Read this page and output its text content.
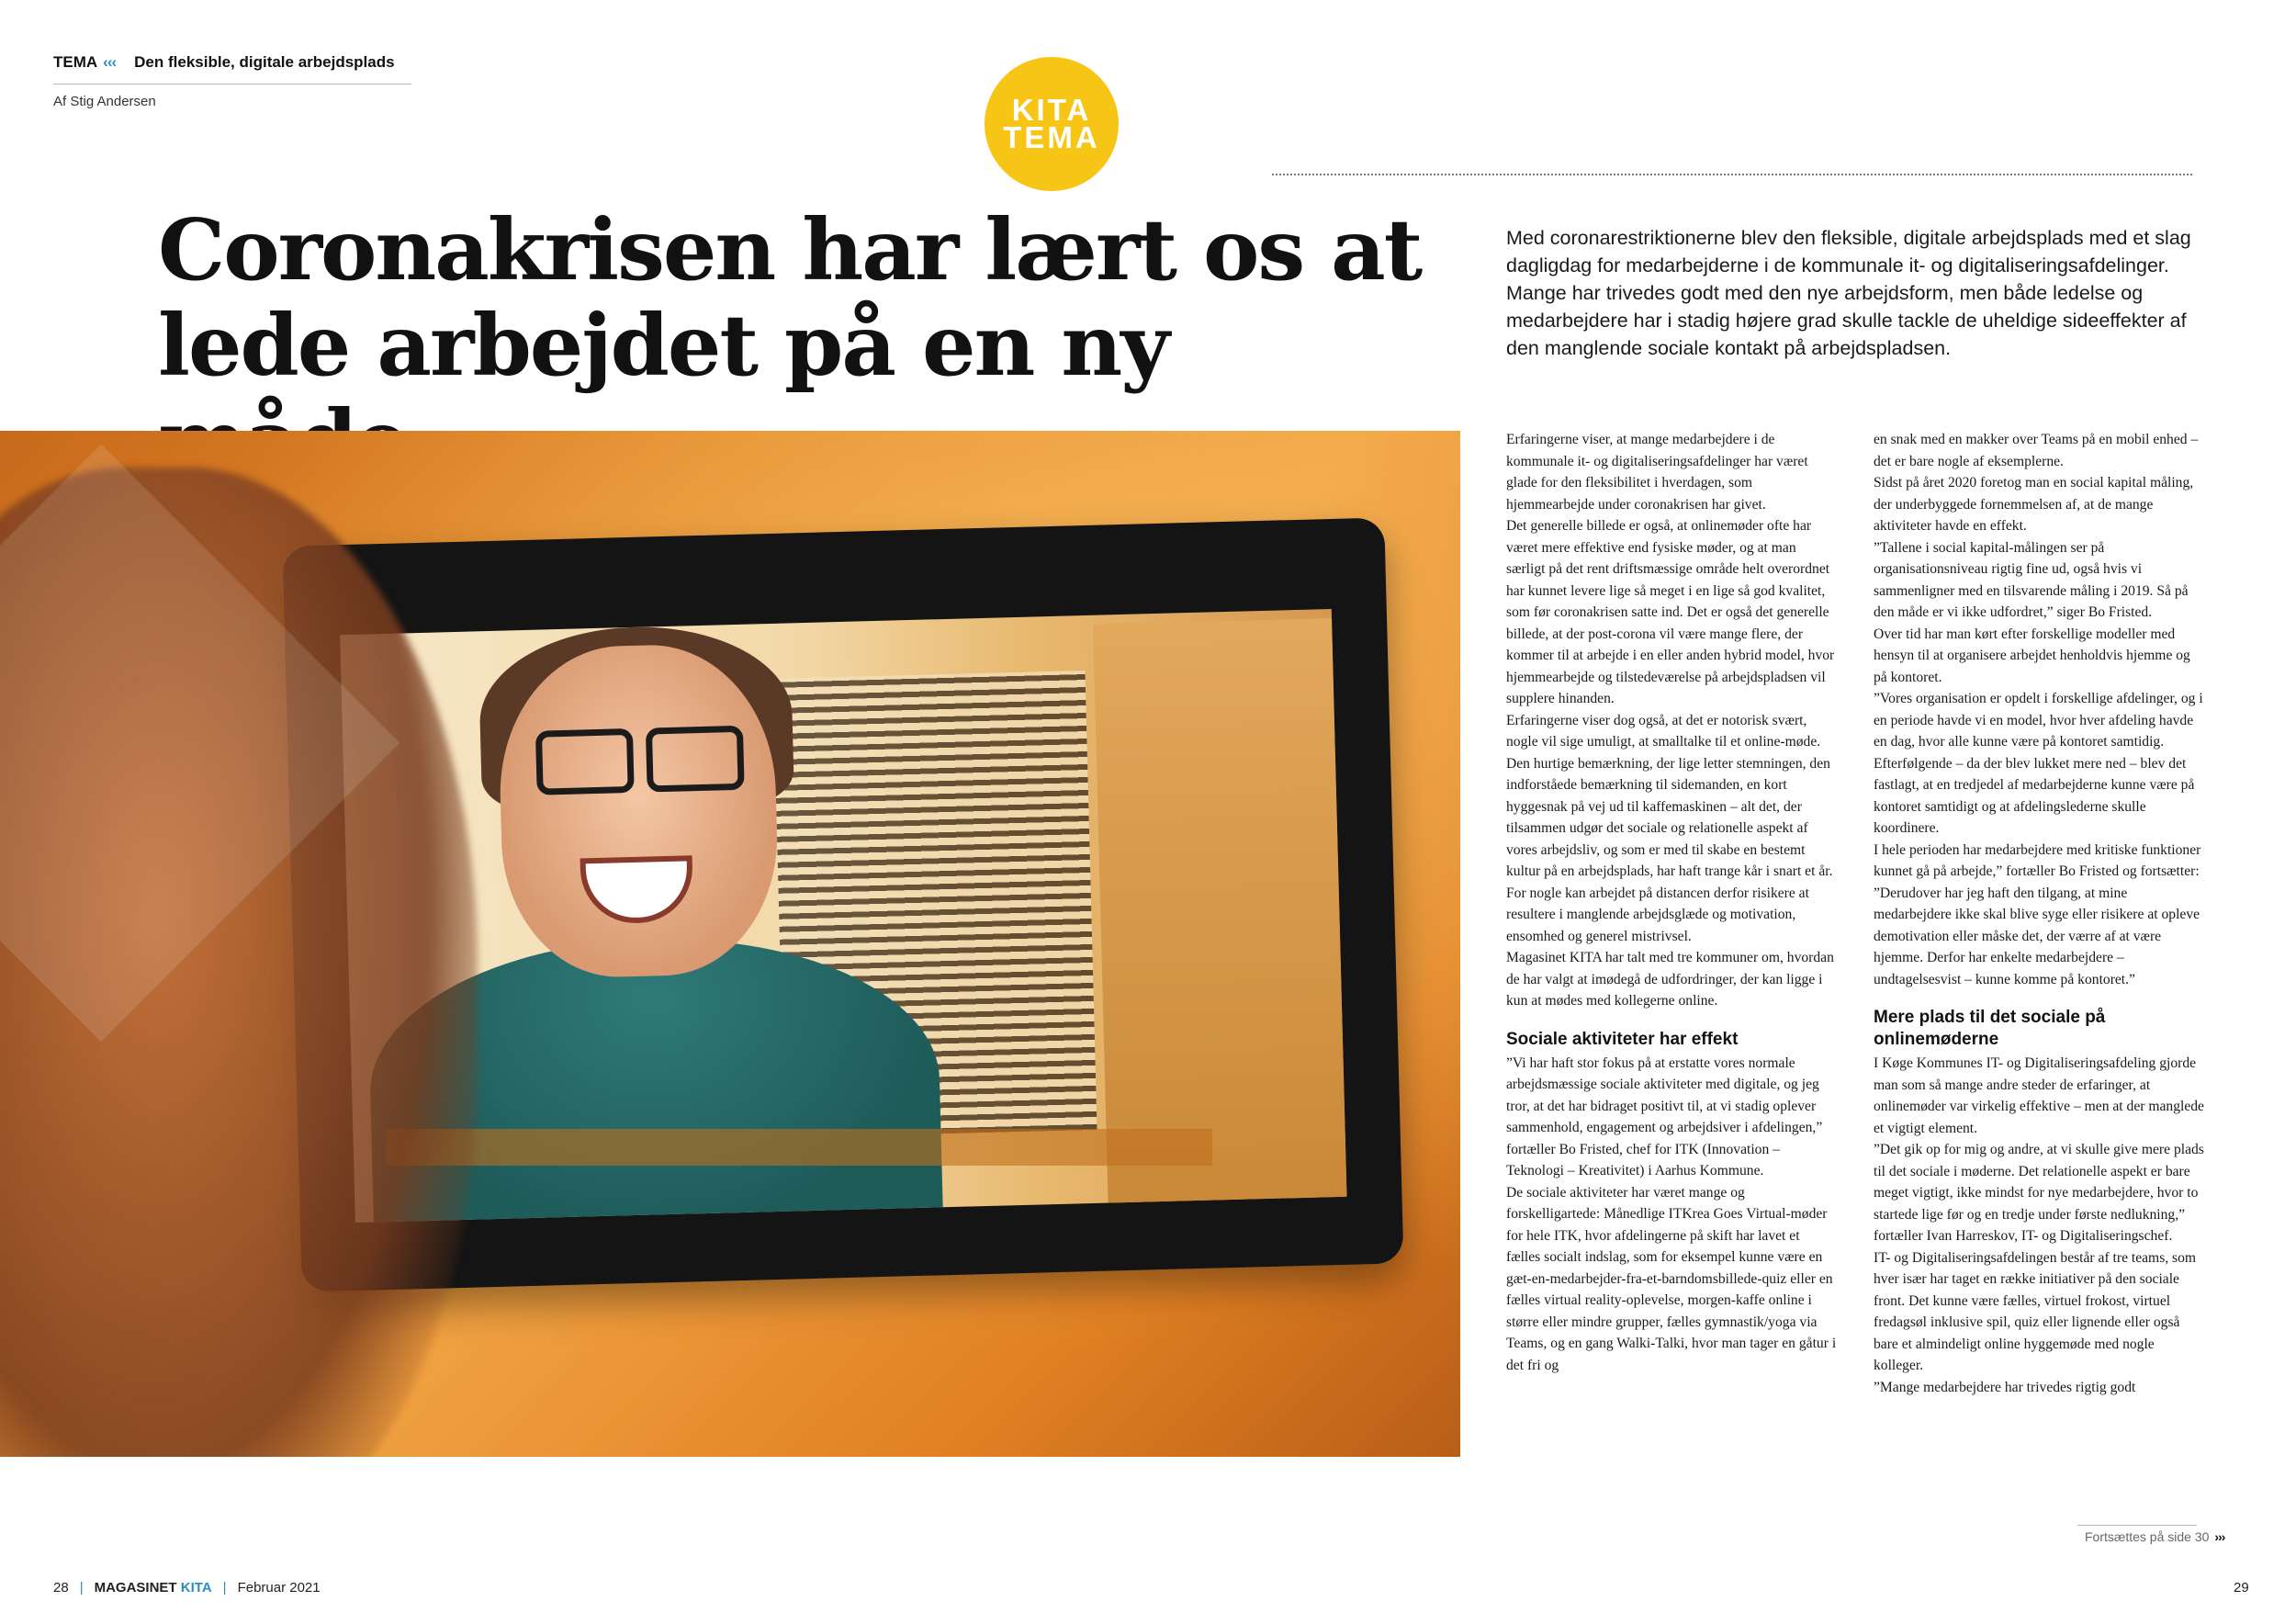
TEMA ‹‹‹ Den fleksible, digitale arbejdsplads
Af Stig Andersen	KITA
TEMA
Coronakrisen har lært os at lede arbejdet på en ny

Med coronarestriktionerne blev den fleksible, digitale arbejdsplads med et slag dagligdag for medarbejderne i de kommunale it- og digitaliseringsafdelinger. Mange har trivedes godt med den nye arbejdsform, men både ledelse og medarbejdere har i stadig højere grad skulle tackle de uheldige sideeffekter af den manglende sociale kontakt på arbejdspladsen.

Erfaringerne viser, at mange medarbejdere i de kommunale it- og digitaliseringsafdelinger har været glade for den fleksibilitet i hverdagen, som hjemmearbejde under coronakrisen har givet.

Det generelle billede er også, at onlinemøder ofte har været mere effektive end fysiske møder, og at man særligt på det rent driftsmæssige område helt overordnet har kunnet levere lige så meget i en lige så god kvalitet, som før coronakrisen satte ind. Det er også det generelle billede, at der post-corona vil være mange flere, der kommer til at arbejde i en eller anden hybrid model, hvor hjemmearbejde og tilstedeværelse på arbejdspladsen vil supplere hinanden.

Erfaringerne viser dog også, at det er notorisk svært, nogle vil sige umuligt, at smalltalke til et online-møde. Den hurtige bemærkning, der lige letter stemningen, den indforståede bemærkning til sidemanden, en kort hyggesnak på vej ud til kaffemaskinen – alt det, der tilsammen udgør det sociale og relationelle aspekt af vores arbejdsliv, og som er med til skabe en bestemt kultur på en arbejdsplads, har haft trange kår i snart et år.

For nogle kan arbejdet på distancen derfor risikere at resultere i manglende arbejdsglæde og motivation, ensomhed og generel mistrivsel.

Magasinet KITA har talt med tre kommuner om, hvordan de har valgt at imødegå de udfordringer, der kan ligge i kun at mødes med kollegerne online.

Sociale aktiviteter har effekt

”Vi har haft stor fokus på at erstatte vores normale arbejdsmæssige sociale aktiviteter med digitale, og jeg tror, at det har bidraget positivt til, at vi stadig oplever sammenhold, engagement og arbejdsiver i afdelingen,” fortæller Bo Fristed, chef for ITK (Innovation – Teknologi – Kreativitet) i Aarhus Kommune.

De sociale aktiviteter har været mange og forskelligartede: Månedlige ITKrea Goes Virtual-møder for hele ITK, hvor afdelingerne på skift har lavet et fælles socialt indslag, som for eksempel kunne være en gæt-en-medarbejder-fra-et-barndomsbillede-quiz eller en fælles virtual reality-oplevelse, morgen-kaffe online i større eller mindre grupper, fælles gymnastik/yoga via Teams, og en gang Walki-Talki, hvor man tager en gåtur i det fri og

en snak med en makker over Teams på en mobil enhed – det er bare nogle af eksemplerne.

Sidst på året 2020 foretog man en social kapital måling, der underbyggede fornemmelsen af, at de mange aktiviteter havde en effekt.

”Tallene i social kapital-målingen ser på organisationsniveau rigtig fine ud, også hvis vi sammenligner med en tilsvarende måling i 2019. Så på den måde er vi ikke udfordret,” siger Bo Fristed.

Over tid har man kørt efter forskellige modeller med hensyn til at organisere arbejdet henholdvis hjemme og på kontoret.

”Vores organisation er opdelt i forskellige afdelinger, og i en periode havde vi en model, hvor hver afdeling havde en dag, hvor alle kunne være på kontoret samtidig. Efterfølgende – da der blev lukket mere ned – blev det fastlagt, at en tredjedel af medarbejderne kunne være på kontoret samtidigt og at afdelingslederne skulle koordinere.

I hele perioden har medarbejdere med kritiske funktioner kunnet gå på arbejde,” fortæller Bo Fristed og fortsætter:

”Derudover har jeg haft den tilgang, at mine medarbejdere ikke skal blive syge eller risikere at opleve demotivation eller måske det, der værre af at være hjemme. Derfor har enkelte medarbejdere – undtagelsesvist – kunne komme på kontoret.”

Mere plads til det sociale på onlinemøderne

I Køge Kommunes IT- og Digitaliseringsafdeling gjorde man som så mange andre steder de erfaringer, at onlinemøder var virkelig effektive – men at der manglede et vigtigt element.

”Det gik op for mig og andre, at vi skulle give mere plads til det sociale i møderne. Det relationelle aspekt er bare meget vigtigt, ikke mindst for nye medarbejdere, hvor to startede lige før og en tredje under første nedlukning,” fortæller Ivan Harreskov, IT- og Digitaliseringschef.

IT- og Digitaliseringsafdelingen består af tre teams, som hver især har taget en række initiativer på den sociale front. Det kunne være fælles, virtuel frokost, virtuel fredagsøl inklusive spil, quiz eller lignende eller også bare et almindeligt online hyggemøde med nogle kolleger.

”Mange medarbejdere har trivedes rigtig godt

Fortsættes på side 30 ›››
28 | MAGASINET KITA | Februar 2021	29
